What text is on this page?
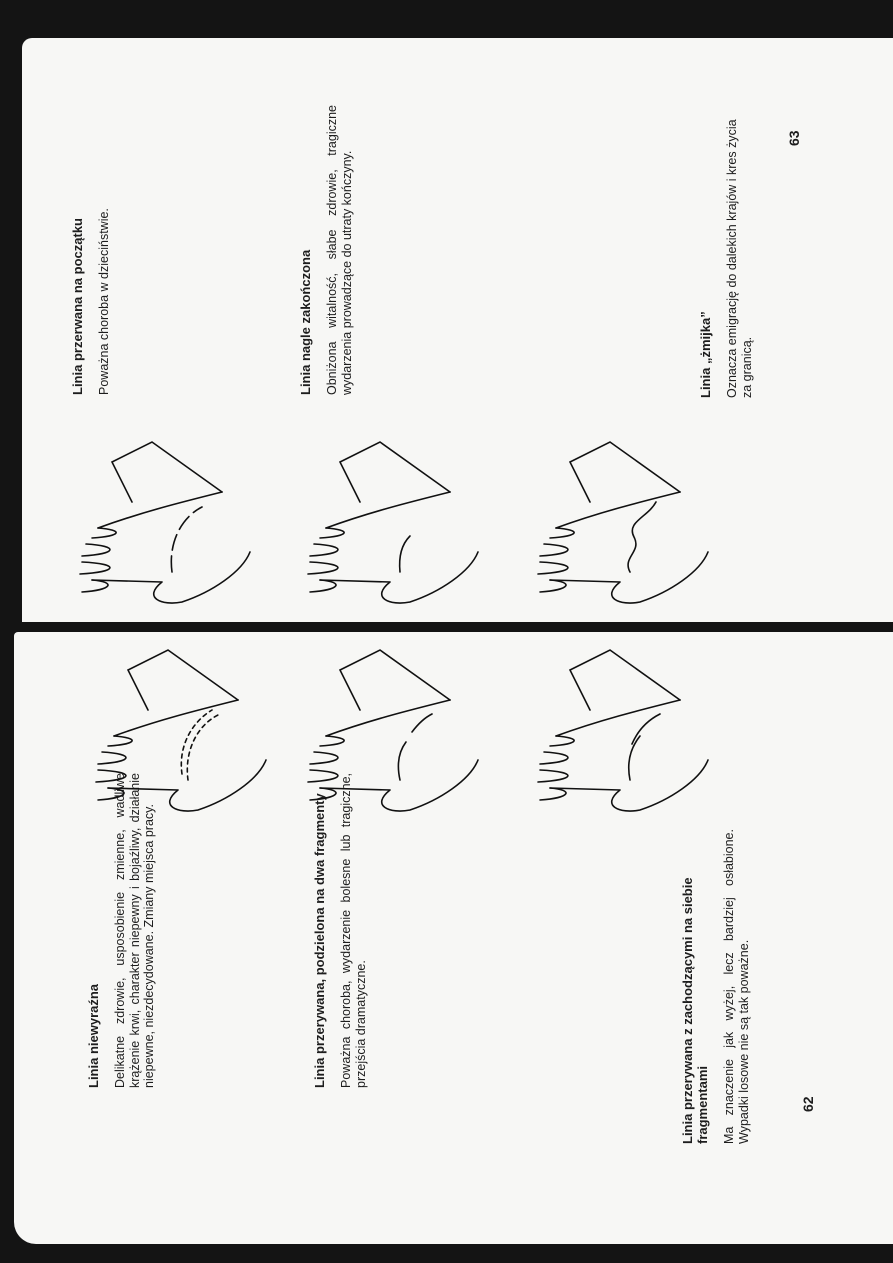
Linia przerwana na początku Poważna choroba w dzieciństwie.	Linia nagle zakończona Obniżona witalność, słabe zdrowie, tragiczne wydarzenia prowadzące do utraty kończyny.	Linia „żmijka” Oznacza emigrację do dalekich krajów i kres życia za granicą.

63
Linia niewyraźna Delikatne zdrowie, usposobienie zmienne, wadliwe krążenie krwi, charakter niepewny i bojaźliwy, działanie niepewne, niezdecydowane. Zmiany miejsca pracy.	Linia przerywana, podzielona na dwa fragmenty Poważna choroba, wydarzenie bolesne lub tragiczne, przejścia dramatyczne.	Linia przerywana z zachodzącymi na siebie fragmentami Ma znaczenie jak wyżej, lecz bardziej osłabione. Wypadki losowe nie są tak poważne.	62
